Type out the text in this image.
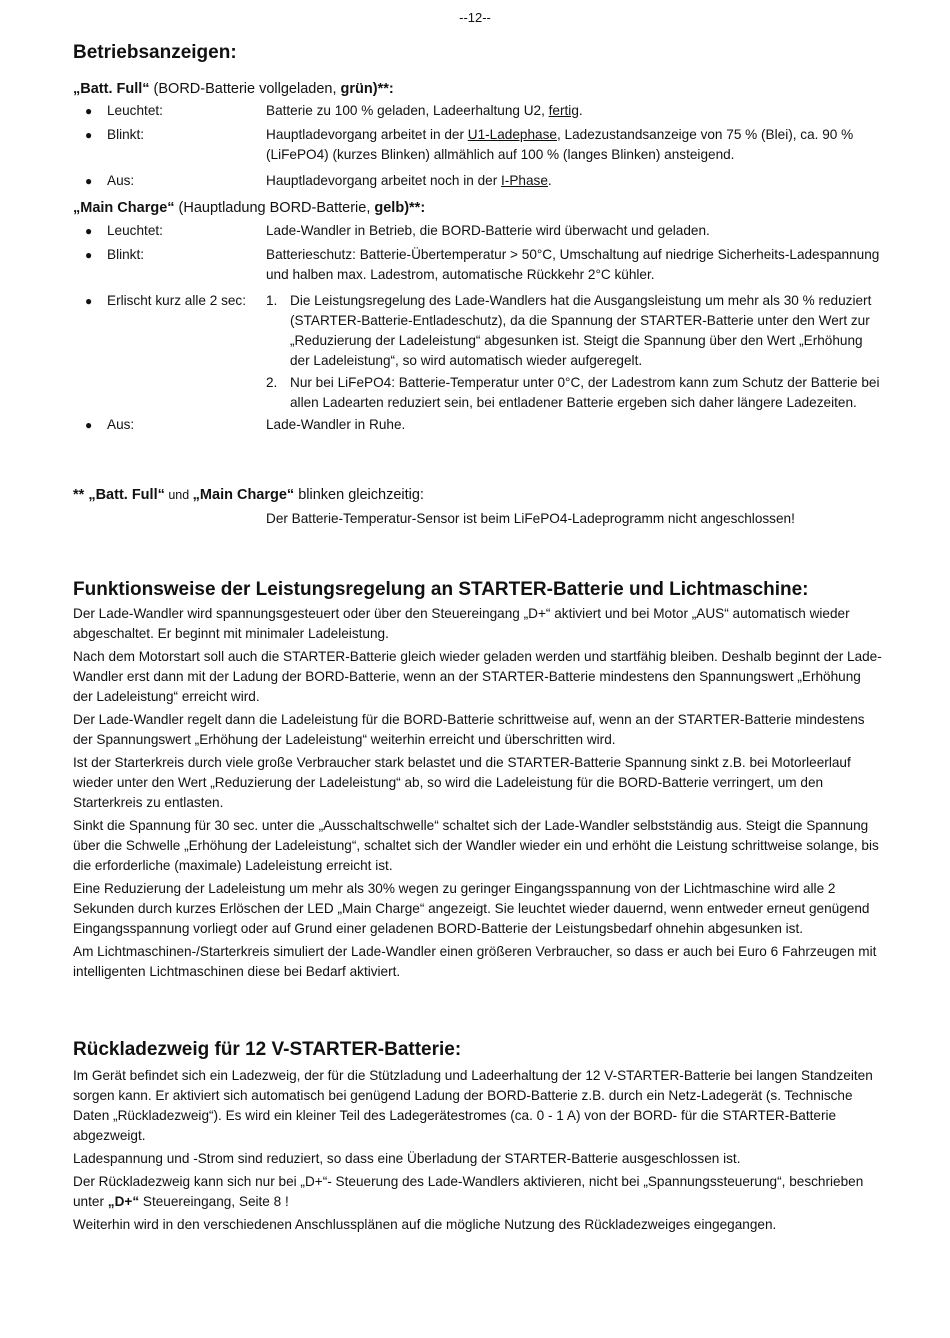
--12--
Betriebsanzeigen:
„Batt. Full“ (BORD-Batterie vollgeladen, grün)**:
● Leuchtet:	Batterie zu 100 % geladen, Ladeerhaltung U2, fertig.
● Blinkt:	Hauptladevorgang arbeitet in der U1-Ladephase, Ladezustandsanzeige von 75 % (Blei), ca. 90 % (LiFePO4) (kurzes Blinken) allmählich auf 100 % (langes Blinken) ansteigend.
● Aus:	Hauptladevorgang arbeitet noch in der I-Phase.
„Main Charge“ (Hauptladung BORD-Batterie, gelb)**:
● Leuchtet:	Lade-Wandler in Betrieb, die BORD-Batterie wird überwacht und geladen.
● Blinkt:	Batterieschutz: Batterie-Übertemperatur > 50°C, Umschaltung auf niedrige Sicherheits-Ladespannung und halben max. Ladestrom, automatische Rückkehr 2°C kühler.
● Erlischt kurz alle 2 sec: 1. Die Leistungsregelung des Lade-Wandlers hat die Ausgangsleistung um mehr als 30 % reduziert (STARTER-Batterie-Entladeschutz), da die Spannung der STARTER-Batterie unter den Wert zur „Reduzierung der Ladeleistung“ abgesunken ist. Steigt die Spannung über den Wert „Erhöhung der Ladeleistung“, so wird automatisch wieder aufgeregelt.
2. Nur bei LiFePO4: Batterie-Temperatur unter 0°C, der Ladestrom kann zum Schutz der Batterie bei allen Ladearten reduziert sein, bei entladener Batterie ergeben sich daher längere Ladezeiten.
● Aus:	Lade-Wandler in Ruhe.
** „Batt. Full“ und „Main Charge“ blinken gleichzeitig:
Der Batterie-Temperatur-Sensor ist beim LiFePO4-Ladeprogramm nicht angeschlossen!
Funktionsweise der Leistungsregelung an STARTER-Batterie und Lichtmaschine:

Der Lade-Wandler wird spannungsgesteuert oder über den Steuereingang „D+“ aktiviert und bei Motor „AUS“ automatisch wieder abgeschaltet. Er beginnt mit minimaler Ladeleistung.

Nach dem Motorstart soll auch die STARTER-Batterie gleich wieder geladen werden und startfähig bleiben. Deshalb beginnt der Lade-Wandler erst dann mit der Ladung der BORD-Batterie, wenn an der STARTER-Batterie mindestens den Spannungswert „Erhöhung der Ladeleistung“ erreicht wird.

Der Lade-Wandler regelt dann die Ladeleistung für die BORD-Batterie schrittweise auf, wenn an der STARTER-Batterie mindestens der Spannungswert „Erhöhung der Ladeleistung“ weiterhin erreicht und überschritten wird.

Ist der Starterkreis durch viele große Verbraucher stark belastet und die STARTER-Batterie Spannung sinkt z.B. bei Motorleerlauf wieder unter den Wert „Reduzierung der Ladeleistung“ ab, so wird die Ladeleistung für die BORD-Batterie verringert, um den Starterkreis zu entlasten.

Sinkt die Spannung für 30 sec. unter die „Ausschaltschwelle“ schaltet sich der Lade-Wandler selbstständig aus. Steigt die Spannung über die Schwelle „Erhöhung der Ladeleistung“, schaltet sich der Wandler wieder ein und erhöht die Leistung schrittweise solange, bis die erforderliche (maximale) Ladeleistung erreicht ist.

Eine Reduzierung der Ladeleistung um mehr als 30% wegen zu geringer Eingangsspannung von der Lichtmaschine wird alle 2 Sekunden durch kurzes Erlöschen der LED „Main Charge“ angezeigt. Sie leuchtet wieder dauernd, wenn entweder erneut genügend Eingangsspannung vorliegt oder auf Grund einer geladenen BORD-Batterie der Leistungsbedarf ohnehin abgesunken ist.

Am Lichtmaschinen-/Starterkreis simuliert der Lade-Wandler einen größeren Verbraucher, so dass er auch bei Euro 6 Fahrzeugen mit intelligenten Lichtmaschinen diese bei Bedarf aktiviert.

Rückladezweig für 12 V-STARTER-Batterie:

Im Gerät befindet sich ein Ladezweig, der für die Stützladung und Ladeerhaltung der 12 V-STARTER-Batterie bei langen Standzeiten sorgen kann. Er aktiviert sich automatisch bei genügend Ladung der BORD-Batterie z.B. durch ein Netz-Ladegerät (s. Technische Daten „Rückladezweig“). Es wird ein kleiner Teil des Ladegerätestromes (ca. 0 - 1 A) von der BORD- für die STARTER-Batterie abgezweigt.

Ladespannung und -Strom sind reduziert, so dass eine Überladung der STARTER-Batterie ausgeschlossen ist.

Der Rückladezweig kann sich nur bei „D+“- Steuerung des Lade-Wandlers aktivieren, nicht bei „Spannungssteuerung“, beschrieben unter „D+“ Steuereingang, Seite 8 !

Weiterhin wird in den verschiedenen Anschlussplänen auf die mögliche Nutzung des Rückladezweiges eingegangen.
